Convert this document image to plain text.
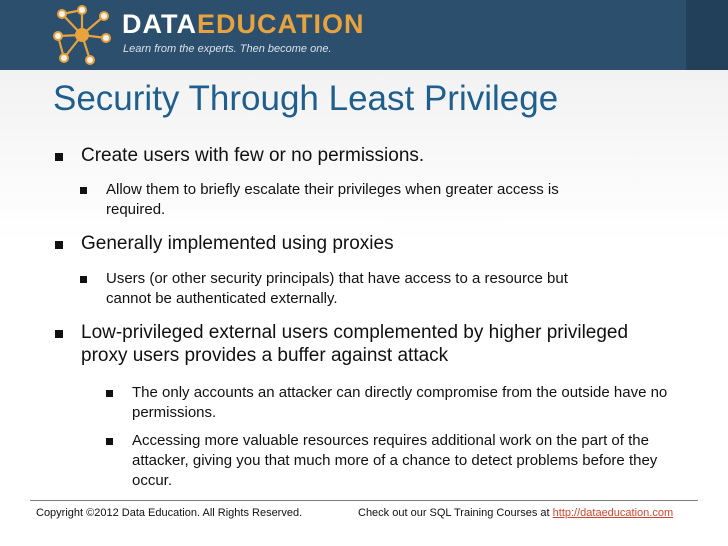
DATAEDUCATION
Learn from the experts. Then become one.
Security Through Least Privilege
Create users with few or no permissions.
Allow them to briefly escalate their privileges when greater access is
required.
Generally implemented using proxies
Users (or other security principals) that have access to a resource but
cannot be authenticated externally.
Low-privileged external users complemented by higher privileged
proxy users provides a buffer against attack
The only accounts an attacker can directly compromise from the outside have no
permissions.
Accessing more valuable resources requires additional work on the part of the
attacker, giving you that much more of a chance to detect problems before they
occur.
Copyright ©2012 Data Education. All Rights Reserved.	Check out our SQL Training Courses at http://dataeducation.com
